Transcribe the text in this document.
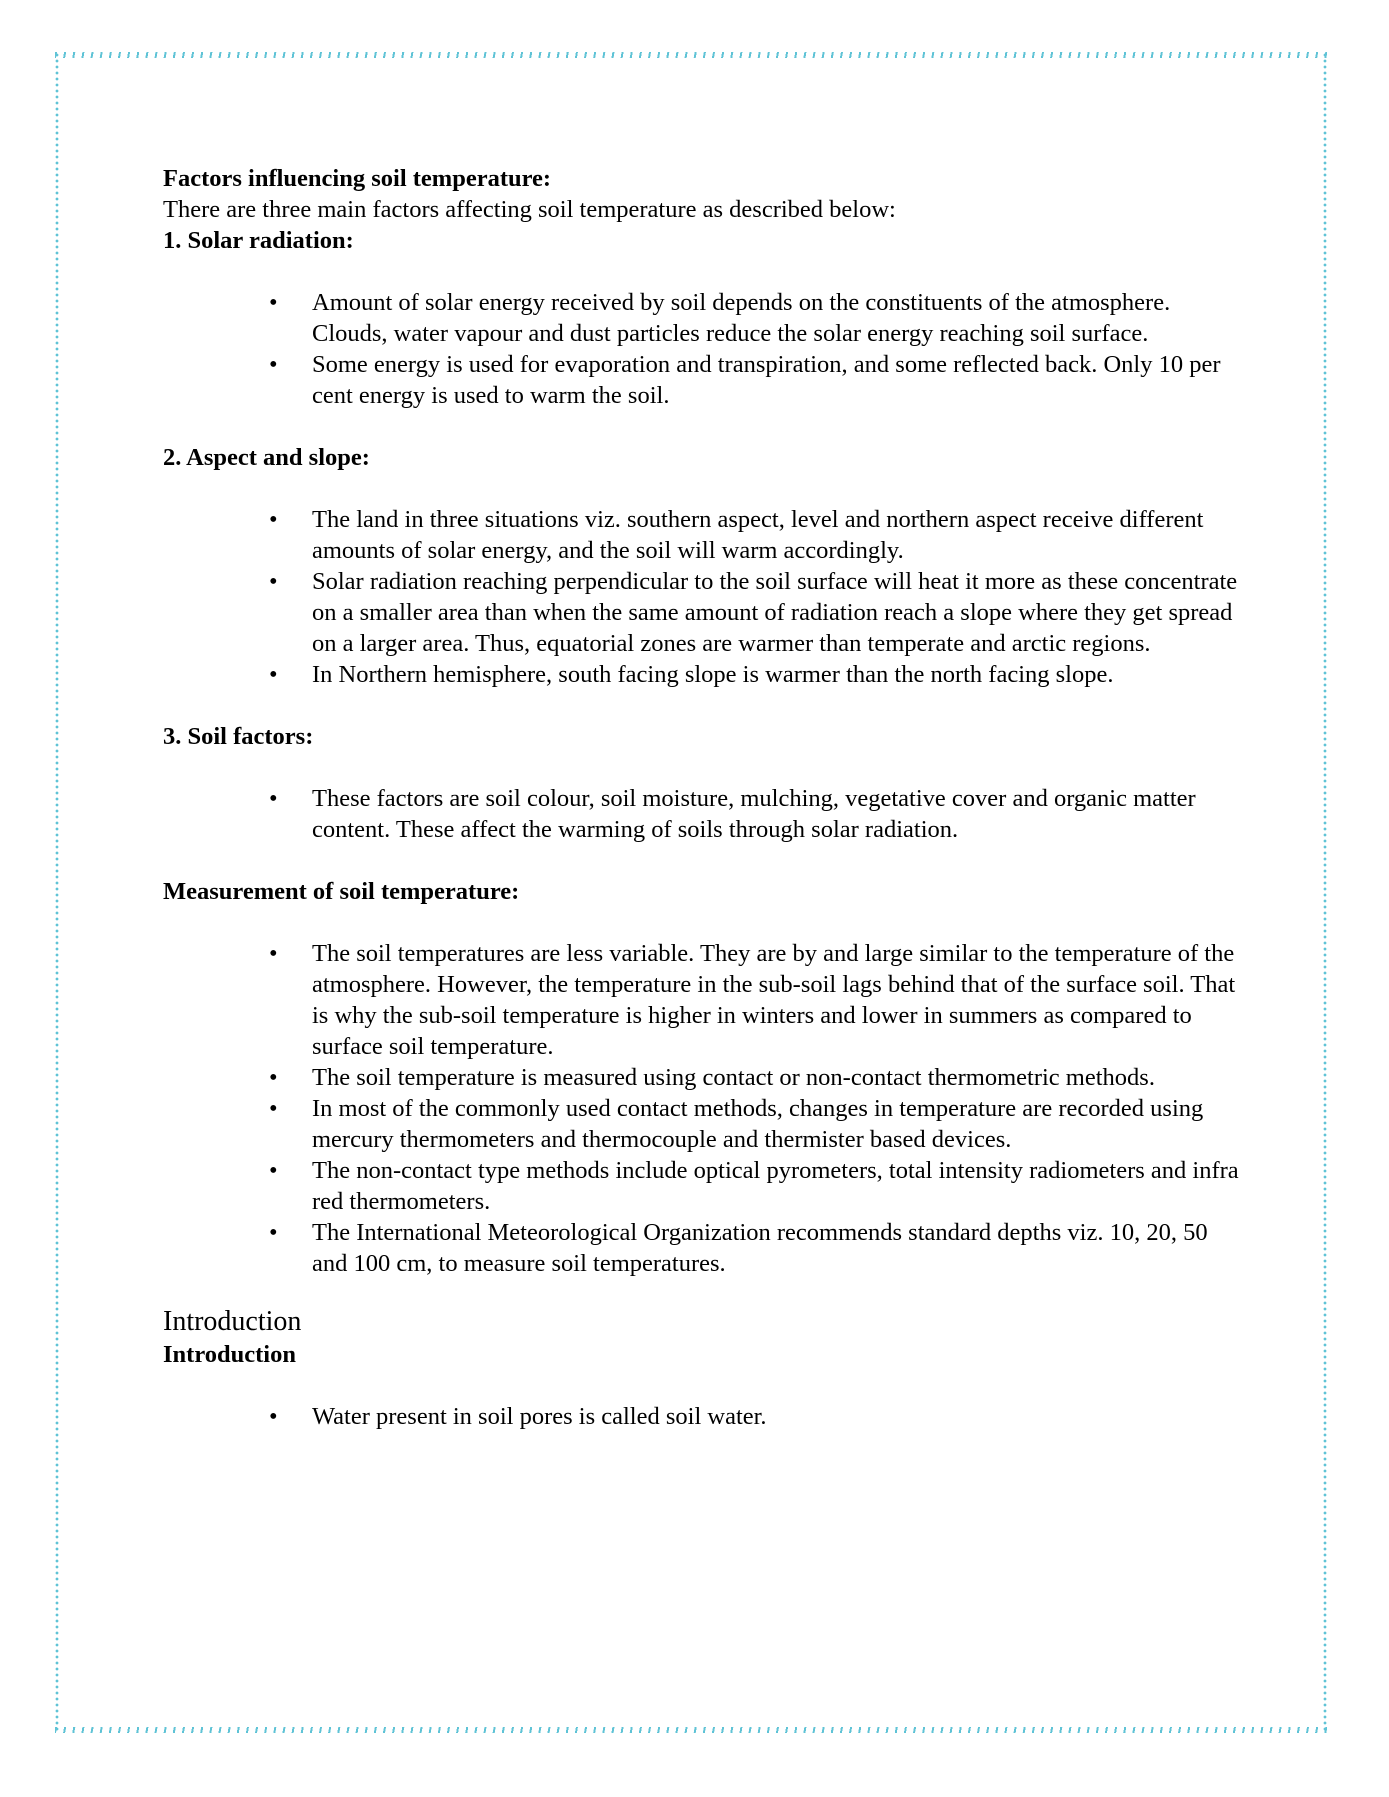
Factors influencing soil temperature:

There are three main factors affecting soil temperature as described below:

1. Solar radiation:

• Amount of solar energy received by soil depends on the constituents of the atmosphere. Clouds, water vapour and dust particles reduce the solar energy reaching soil surface.
• Some energy is used for evaporation and transpiration, and some reflected back. Only 10 per cent energy is used to warm the soil.

2. Aspect and slope:

• The land in three situations viz. southern aspect, level and northern aspect receive different amounts of solar energy, and the soil will warm accordingly.
• Solar radiation reaching perpendicular to the soil surface will heat it more as these concentrate on a smaller area than when the same amount of radiation reach a slope where they get spread on a larger area. Thus, equatorial zones are warmer than temperate and arctic regions.
• In Northern hemisphere, south facing slope is warmer than the north facing slope.

3. Soil factors:

• These factors are soil colour, soil moisture, mulching, vegetative cover and organic matter content. These affect the warming of soils through solar radiation.

Measurement of soil temperature:

• The soil temperatures are less variable. They are by and large similar to the temperature of the atmosphere. However, the temperature in the sub-soil lags behind that of the surface soil. That is why the sub-soil temperature is higher in winters and lower in summers as compared to surface soil temperature.
• The soil temperature is measured using contact or non-contact thermometric methods.
• In most of the commonly used contact methods, changes in temperature are recorded using mercury thermometers and thermocouple and thermister based devices.
• The non-contact type methods include optical pyrometers, total intensity radiometers and infra red thermometers.
• The International Meteorological Organization recommends standard depths viz. 10, 20, 50 and 100 cm, to measure soil temperatures.

Introduction

Introduction

• Water present in soil pores is called soil water.
